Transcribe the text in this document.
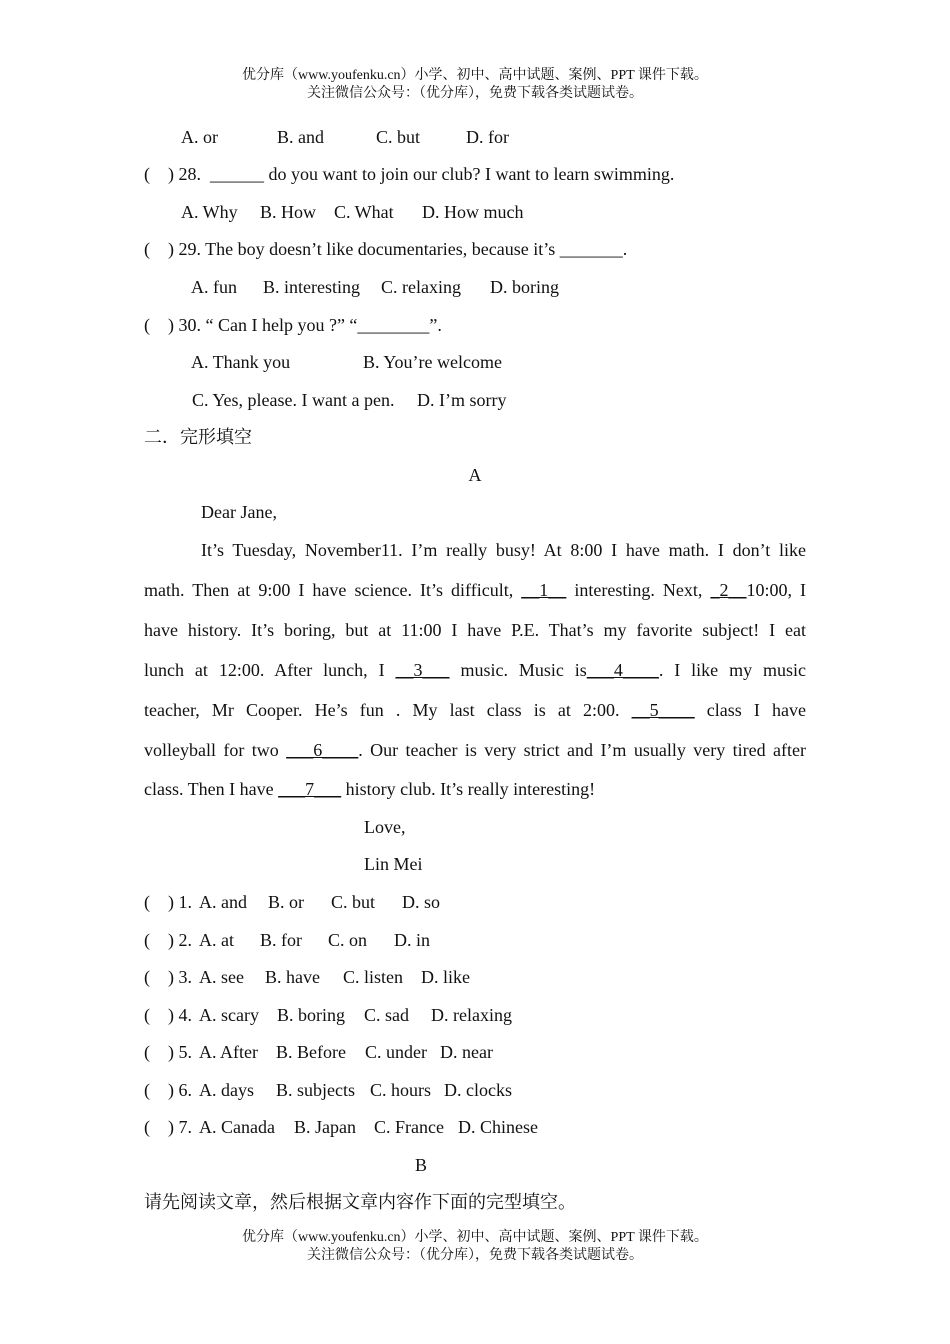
优分库（www.youfenku.cn）小学、初中、高中试题、案例、PPT 课件下载。
关注微信公众号：（优分库），免费下载各类试题试卷。
A. or	B. and	C. but	D. for
(    ) 28.  ______ do you want to join our club? I want to learn swimming.
A. Why B. How C. What D. How much
(    ) 29. The boy doesn’t like documentaries, because it’s _______.
A. fun B. interesting C. relaxing D. boring
(    ) 30. “ Can I help you ?” “________”.
A. Thank you	B. You’re welcome
C. Yes, please. I want a pen. D. I’m sorry
二．完形填空
A
Dear Jane,
It’s Tuesday, November11. I’m really busy! At 8:00 I have math. I don’t like
math. Then at 9:00 I have science. It’s difficult, __1__ interesting. Next, _2__10:00, I
have history. It’s boring, but at 11:00 I have P.E. That’s my favorite subject! I eat
lunch at 12:00. After lunch, I __3___ music. Music is___4____. I like my music
teacher, Mr Cooper. He’s fun . My last class is at 2:00. __5____ class I have
volleyball for two ___6____. Our teacher is very strict and I’m usually very tired after
class. Then I have ___7___ history club. It’s really interesting!
Love,
Lin Mei
(    ) 1. A. and B. or C. but D. so
(    ) 2. A. at B. for C. on D. in
(    ) 3. A. see B. have C. listen D. like
(    ) 4. A. scary B. boring C. sad D. relaxing
(    ) 5. A. After B. Before C. under D. near
(    ) 6. A. days B. subjects C. hours D. clocks
(    ) 7. A. Canada B. Japan C. France D. Chinese
B
请先阅读文章，然后根据文章内容作下面的完型填空。
优分库（www.youfenku.cn）小学、初中、高中试题、案例、PPT 课件下载。
关注微信公众号：（优分库），免费下载各类试题试卷。
